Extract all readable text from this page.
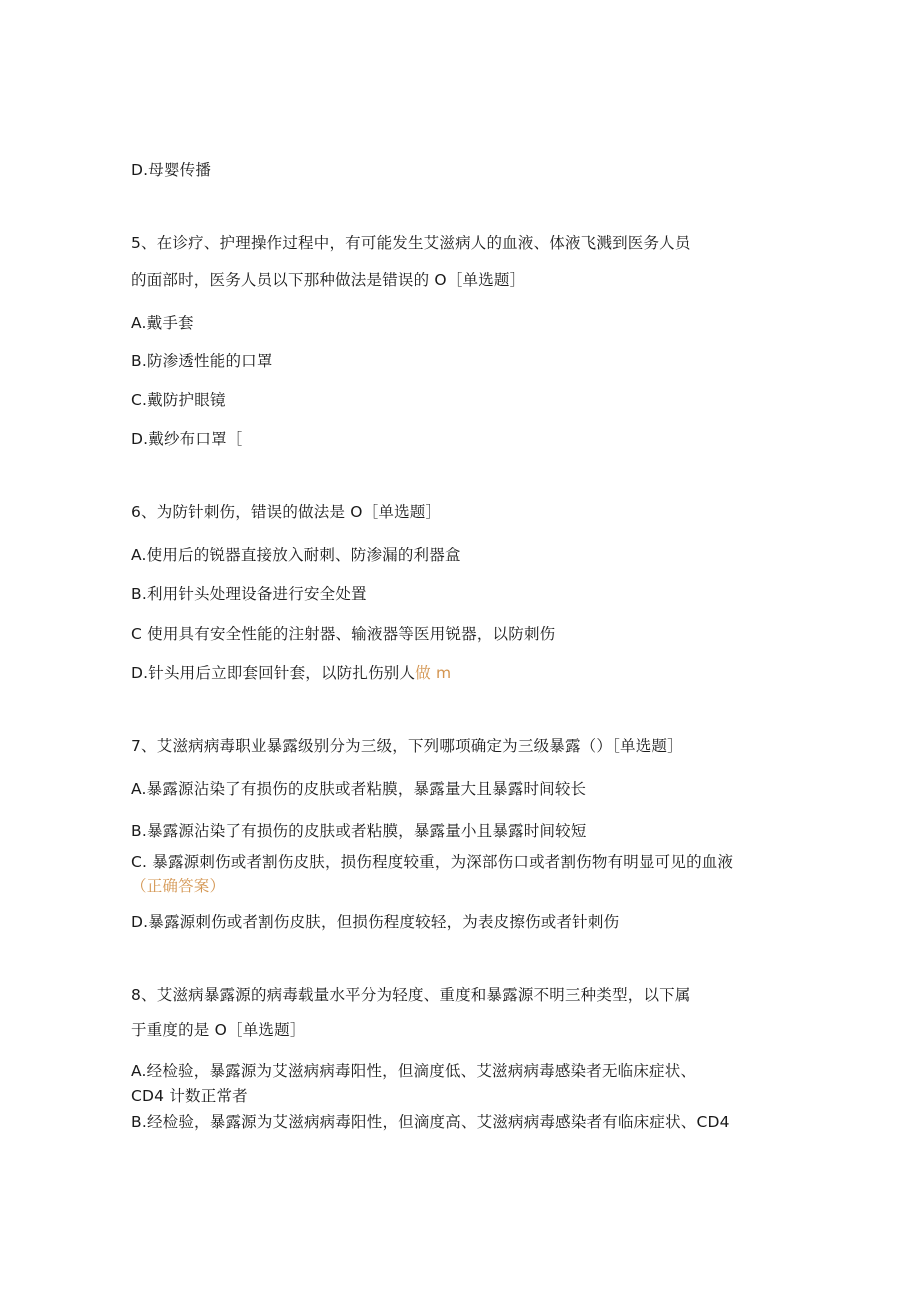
D.母婴传播

5、在诊疗、护理操作过程中，有可能发生艾滋病人的血液、体液飞溅到医务人员

的面部时，医务人员以下那种做法是错误的 O［单选题］

A.戴手套

B.防渗透性能的口罩

C.戴防护眼镜

D.戴纱布口罩［

6、为防针刺伤，错误的做法是 O［单选题］

A.使用后的锐器直接放入耐刺、防渗漏的利器盒

B.利用针头处理设备进行安全处置

C 使用具有安全性能的注射器、输液器等医用锐器，以防刺伤

D.针头用后立即套回针套，以防扎伤别人做 m

7、艾滋病病毒职业暴露级别分为三级，下列哪项确定为三级暴露（）［单选题］

A.暴露源沾染了有损伤的皮肤或者粘膜，暴露量大且暴露时间较长

B.暴露源沾染了有损伤的皮肤或者粘膜，暴露量小且暴露时间较短

C. 暴露源刺伤或者割伤皮肤，损伤程度较重，为深部伤口或者割伤物有明显可见的血液

（正确答案）

D.暴露源刺伤或者割伤皮肤，但损伤程度较轻，为表皮擦伤或者针刺伤

8、艾滋病暴露源的病毒载量水平分为轻度、重度和暴露源不明三种类型，以下属

于重度的是 O［单选题］

A.经检验，暴露源为艾滋病病毒阳性，但滴度低、艾滋病病毒感染者无临床症状、

CD4 计数正常者

B.经检验，暴露源为艾滋病病毒阳性，但滴度高、艾滋病病毒感染者有临床症状、CD4
